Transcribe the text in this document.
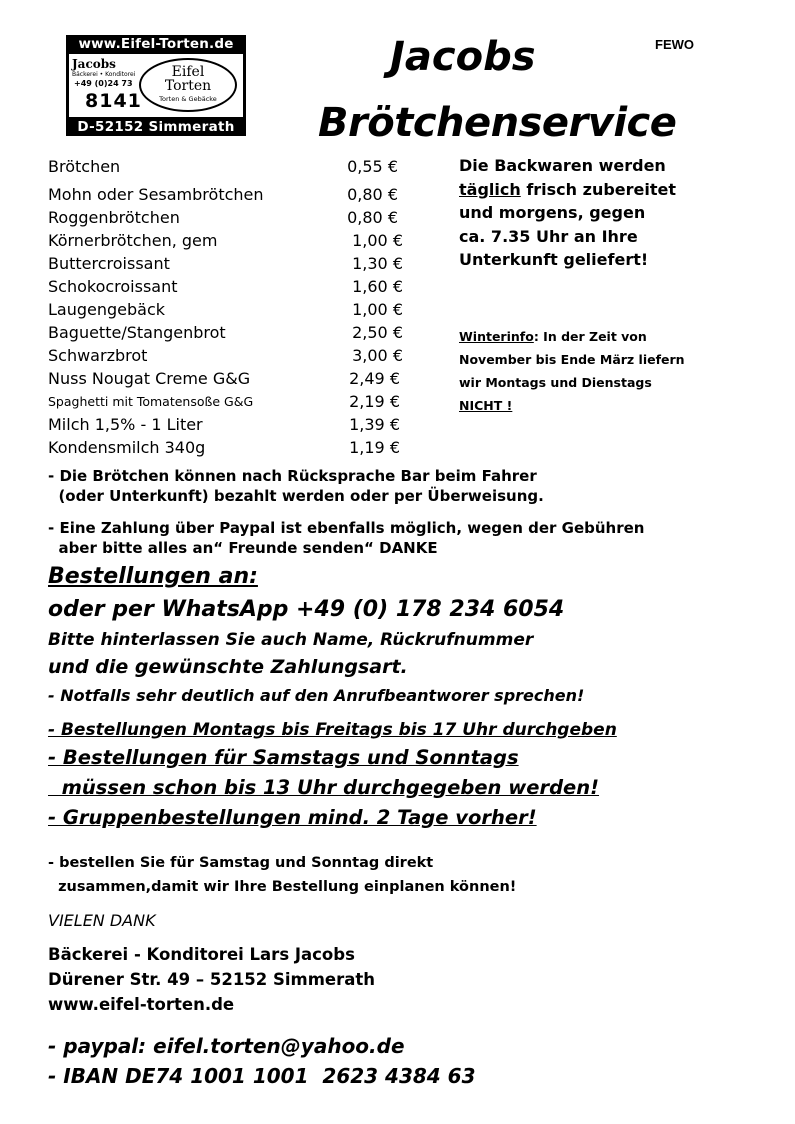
www.Eifel-Torten.de
Jacobs
Bäckerei • Konditorei
+49 (0)24 73
8141
Eifel
Torten
Torten & Gebäcke
D-52152 Simmerath
FEWO
Jacobs
Brötchenservice
Brötchen	0,55 €
Mohn oder Sesambrötchen	0,80 €
Roggenbrötchen	0,80 €
Körnerbrötchen, gem	1,00 €
Buttercroissant	1,30 €
Schokocroissant	1,60 €
Laugengebäck	1,00 €
Baguette/Stangenbrot	2,50 €
Schwarzbrot	3,00 €
Nuss Nougat Creme G&G	2,49 €
Spaghetti mit Tomatensoße G&G	2,19 €
Milch 1,5% - 1 Liter	1,39 €
Kondensmilch 340g	1,19 €
Die Backwaren werden
täglich frisch zubereitet
und morgens, gegen
ca. 7.35 Uhr an Ihre
Unterkunft geliefert!
Winterinfo: In der Zeit von
November bis Ende März liefern
wir Montags und Dienstags
NICHT !
- Die Brötchen können nach Rücksprache Bar beim Fahrer
(oder Unterkunft) bezahlt werden oder per Überweisung.
- Eine Zahlung über Paypal ist ebenfalls möglich, wegen der Gebühren
aber bitte alles an“ Freunde senden“ DANKE
Bestellungen an:
oder per WhatsApp +49 (0) 178 234 6054
Bitte hinterlassen Sie auch Name, Rückrufnummer
und die gewünschte Zahlungsart.
- Notfalls sehr deutlich auf den Anrufbeantworer sprechen!
- Bestellungen Montags bis Freitags bis 17 Uhr durchgeben
- Bestellungen für Samstags und Sonntags
müssen schon bis 13 Uhr durchgegeben werden!
- Gruppenbestellungen mind. 2 Tage vorher!
- bestellen Sie für Samstag und Sonntag direkt
zusammen,damit wir Ihre Bestellung einplanen können!
VIELEN DANK
Bäckerei - Konditorei Lars Jacobs
Dürener Str. 49 – 52152 Simmerath
www.eifel-torten.de
- paypal: eifel.torten@yahoo.de
- IBAN DE74 1001 1001  2623 4384 63
